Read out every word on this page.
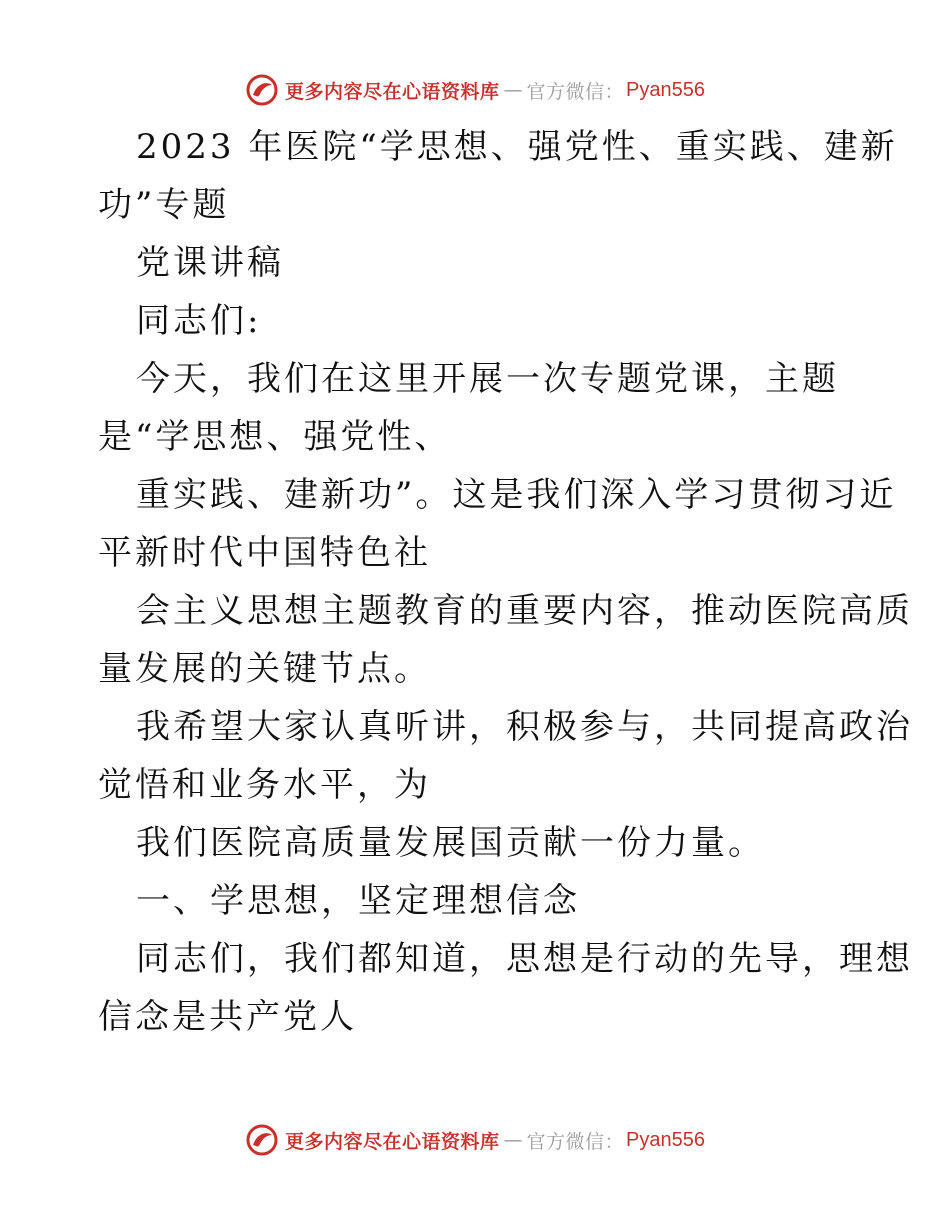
更多内容尽在心语资料库 — 官方微信： Pyan556
2023 年医院“学思想、强党性、重实践、建新
功”专题
党课讲稿
同志们:
今天，我们在这里开展一次专题党课，主题
是“学思想、强党性、
重实践、建新功”。这是我们深入学习贯彻习近
平新时代中国特色社
会主义思想主题教育的重要内容，推动医院高质
量发展的关键节点。
我希望大家认真听讲，积极参与，共同提高政治
觉悟和业务水平，为
我们医院高质量发展国贡献一份力量。
一、学思想，坚定理想信念
同志们，我们都知道，思想是行动的先导，理想
信念是共产党人
更多内容尽在心语资料库 — 官方微信： Pyan556
